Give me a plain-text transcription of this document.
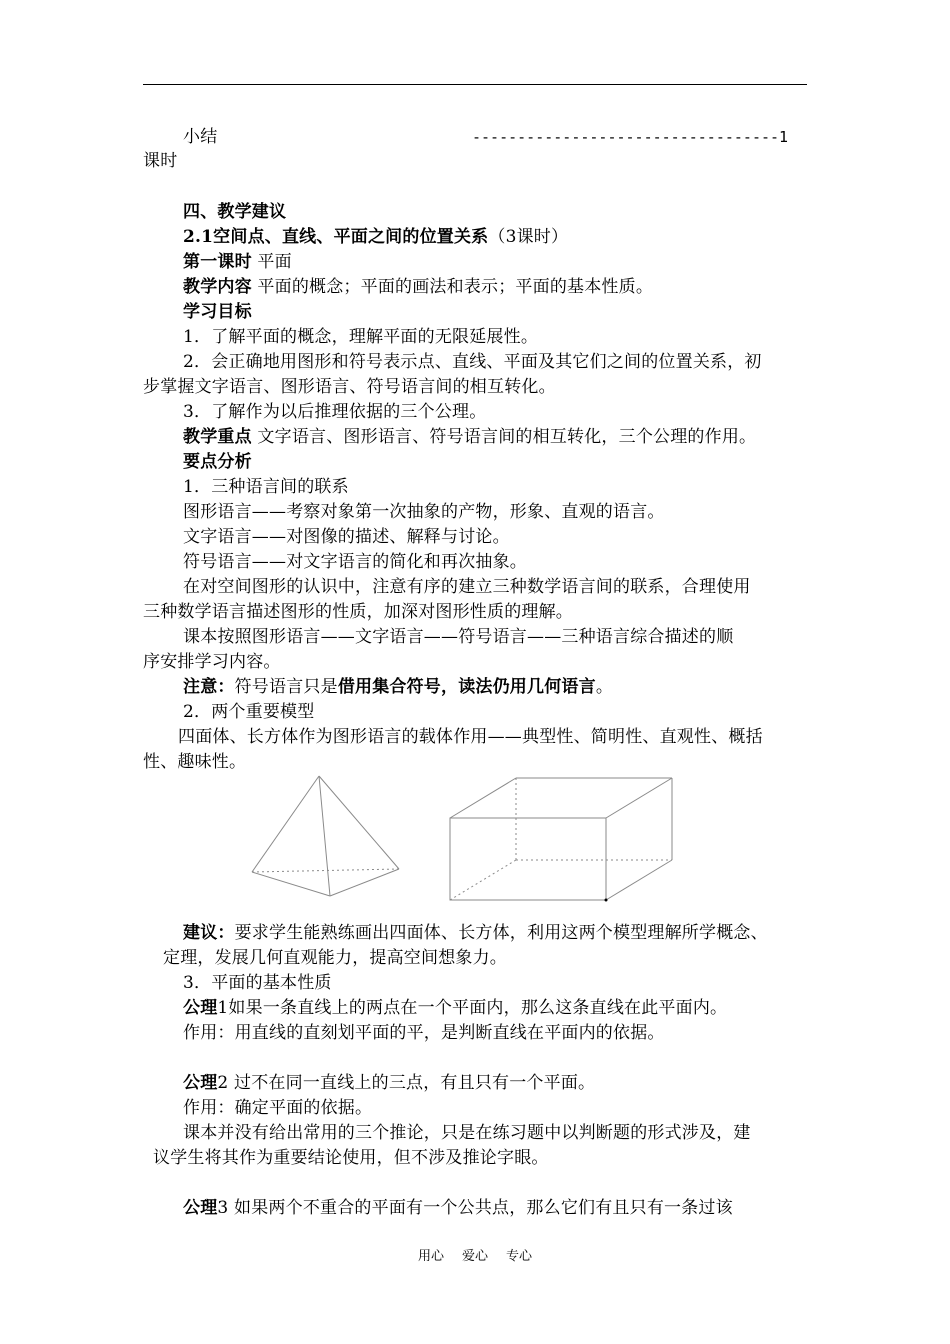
小结	----------------------------------1
课时
四、教学建议
2.1空间点、直线、平面之间的位置关系（3课时）
第一课时 平面
教学内容 平面的概念；平面的画法和表示；平面的基本性质。
学习目标
1．了解平面的概念，理解平面的无限延展性。
2．会正确地用图形和符号表示点、直线、平面及其它们之间的位置关系，初
步掌握文字语言、图形语言、符号语言间的相互转化。
3．了解作为以后推理依据的三个公理。
教学重点 文字语言、图形语言、符号语言间的相互转化，三个公理的作用。
要点分析
1．三种语言间的联系
图形语言——考察对象第一次抽象的产物，形象、直观的语言。
文字语言——对图像的描述、解释与讨论。
符号语言——对文字语言的简化和再次抽象。
在对空间图形的认识中，注意有序的建立三种数学语言间的联系，合理使用
三种数学语言描述图形的性质，加深对图形性质的理解。
课本按照图形语言——文字语言——符号语言——三种语言综合描述的顺
序安排学习内容。
注意：符号语言只是借用集合符号，读法仍用几何语言。
2．两个重要模型
四面体、长方体作为图形语言的载体作用——典型性、简明性、直观性、概括
性、趣味性。
建议：要求学生能熟练画出四面体、长方体，利用这两个模型理解所学概念、
定理，发展几何直观能力，提高空间想象力。
3．平面的基本性质
公理1如果一条直线上的两点在一个平面内，那么这条直线在此平面内。
作用：用直线的直刻划平面的平，是判断直线在平面内的依据。
公理2 过不在同一直线上的三点，有且只有一个平面。
作用：确定平面的依据。
课本并没有给出常用的三个推论，只是在练习题中以判断题的形式涉及，建
议学生将其作为重要结论使用，但不涉及推论字眼。
公理3 如果两个不重合的平面有一个公共点，那么它们有且只有一条过该
用心 爱心 专心
